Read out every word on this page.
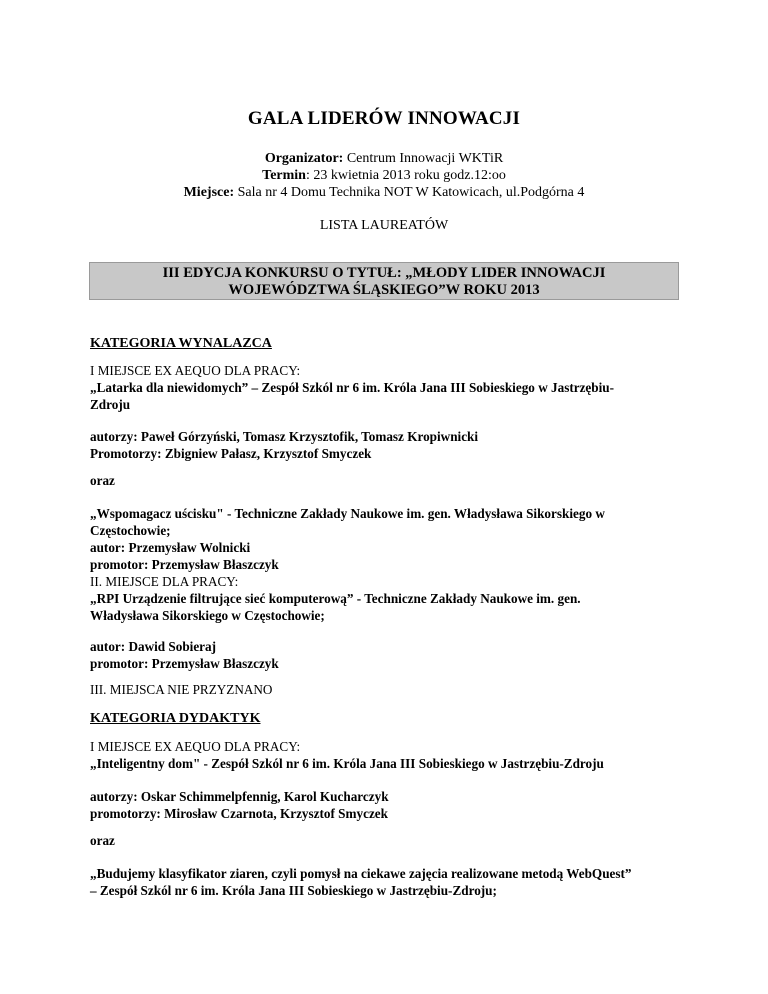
GALA LIDERÓW INNOWACJI
Organizator: Centrum Innowacji WKTiR
Termin: 23 kwietnia 2013 roku godz.12:oo
Miejsce: Sala nr 4 Domu Technika NOT W Katowicach, ul.Podgórna 4
LISTA LAUREATÓW
III EDYCJA KONKURSU O TYTUŁ: „MŁODY LIDER INNOWACJI
WOJEWÓDZTWA ŚLĄSKIEGO”W ROKU 2013
KATEGORIA WYNALAZCA
I MIEJSCE EX AEQUO DLA PRACY:
„Latarka dla niewidomych” – Zespół Szkól nr 6 im. Króla Jana III Sobieskiego w Jastrzębiu-
Zdroju
autorzy: Paweł Górzyński, Tomasz Krzysztofik, Tomasz Kropiwnicki
Promotorzy: Zbigniew Pałasz, Krzysztof Smyczek
oraz
„Wspomagacz uścisku" - Techniczne Zakłady Naukowe im. gen. Władysława Sikorskiego w
Częstochowie;
autor: Przemysław Wolnicki
promotor: Przemysław Błaszczyk
II. MIEJSCE DLA PRACY:
„RPI Urządzenie filtrujące sieć komputerową” - Techniczne Zakłady Naukowe im. gen.
Władysława Sikorskiego w Częstochowie;
autor: Dawid Sobieraj
promotor: Przemysław Błaszczyk
III. MIEJSCA NIE PRZYZNANO
KATEGORIA DYDAKTYK
I MIEJSCE EX AEQUO DLA PRACY:
„Inteligentny dom" - Zespół Szkól nr 6 im. Króla Jana III Sobieskiego w Jastrzębiu-Zdroju
autorzy: Oskar Schimmelpfennig, Karol Kucharczyk
promotorzy: Mirosław Czarnota, Krzysztof Smyczek
oraz
„Budujemy klasyfikator ziaren, czyli pomysł na ciekawe zajęcia realizowane metodą WebQuest”
– Zespół Szkól nr 6 im. Króla Jana III Sobieskiego w Jastrzębiu-Zdroju;
